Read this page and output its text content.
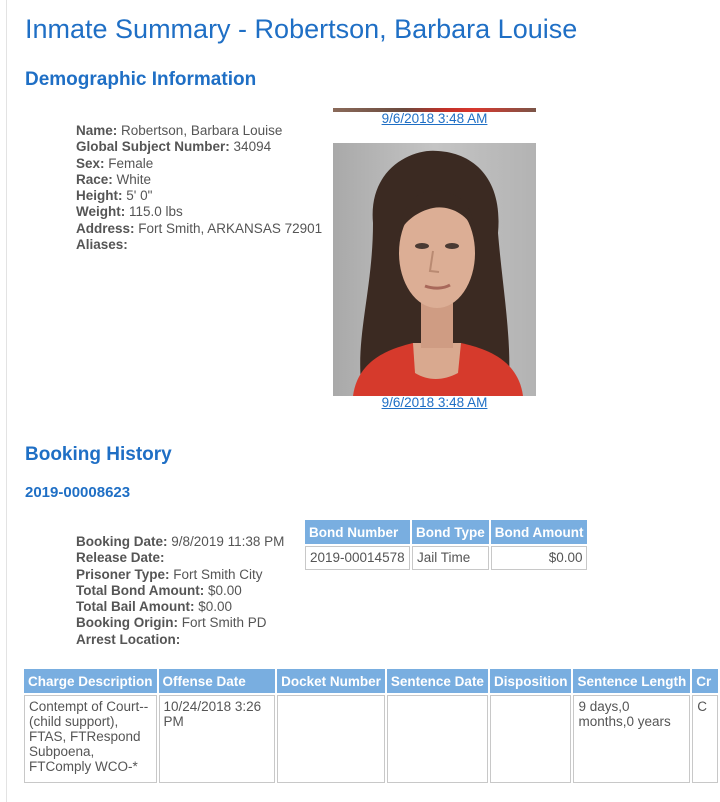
Inmate Summary - Robertson, Barbara Louise
Demographic Information
Name: Robertson, Barbara Louise
Global Subject Number: 34094
Sex: Female
Race: White
Height: 5' 0"
Weight: 115.0 lbs
Address: Fort Smith, ARKANSAS 72901
Aliases:
9/6/2018 3:48 AM
9/6/2018 3:48 AM
Booking History
2019-00008623
Booking Date: 9/8/2019 11:38 PM
Release Date:
Prisoner Type: Fort Smith City
Total Bond Amount: $0.00
Total Bail Amount: $0.00
Booking Origin: Fort Smith PD
Arrest Location:
Bond Number	Bond Type	Bond Amount
2019-00014578	Jail Time	$0.00
Charge Description	Offense Date	Docket Number	Sentence Date	Disposition	Sentence Length	Cr
Contempt of Court--(child support), FTAS, FTRespond Subpoena, FTComply WCO-*	10/24/2018 3:26 PM				9 days,0 months,0 years	C
